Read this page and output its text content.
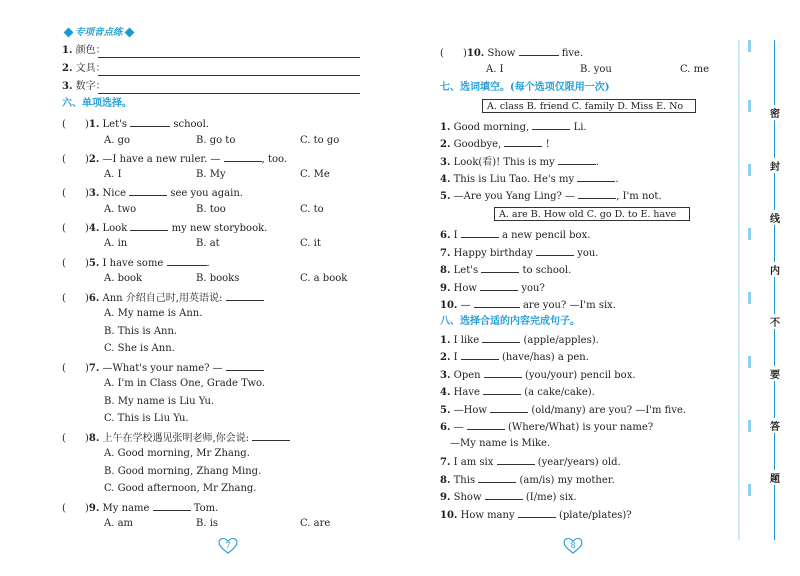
专项音点练
1. 颜色：
2. 文具：
3. 数字：
六、单项选择。
(      )1. Let's	school.
A. go	B. go to	C. to go
(      )2. —I have a new ruler. —	, too.
A. I	B. My	C. Me
(      )3. Nice	see you again.
A. two	B. too	C. to
(      )4. Look	my new storybook.
A. in	B. at	C. it
(      )5. I have some	.
A. book	B. books	C. a book
(      )6. Ann 介绍自己时,用英语说:
A. My name is Ann.
B. This is Ann.
C. She is Ann.
(      )7. —What's your name? —
A. I'm in Class One, Grade Two.
B. My name is Liu Yu.
C. This is Liu Yu.
(      )8. 上午在学校遇见张明老师,你会说:
A. Good morning, Mr Zhang.
B. Good morning, Zhang Ming.
C. Good afternoon, Mr Zhang.
(      )9. My name	Tom.
A. am	B. is	C. are
7
(      )10. Show	five.
A. I	B. you	C. me
七、选词填空。(每个选项仅限用一次)
A. class B. friend C. family D. Miss E. No
1. Good morning,	Li.
2. Goodbye,	!
3. Look(看)! This is my	.
4. This is Liu Tao. He's my	.
5. —Are you Yang Ling? —	, I'm not.
A. are B. How old C. go D. to E. have
6. I	a new pencil box.
7. Happy birthday	you.
8. Let's	to school.
9. How	you?
10. —	are you? —I'm six.
八、选择合适的内容完成句子。
1. I like	(apple/apples).
2. I	(have/has) a pen.
3. Open	(you/your) pencil box.
4. Have	(a cake/cake).
5. —How	(old/many) are you? —I'm five.
6. —	(Where/What) is your name?
—My name is Mike.
7. I am six	(year/years) old.
8. This	(am/is) my mother.
9. Show	(I/me) six.
10. How many	(plate/plates)?
8
密
封
线
内
不
要
答
题
